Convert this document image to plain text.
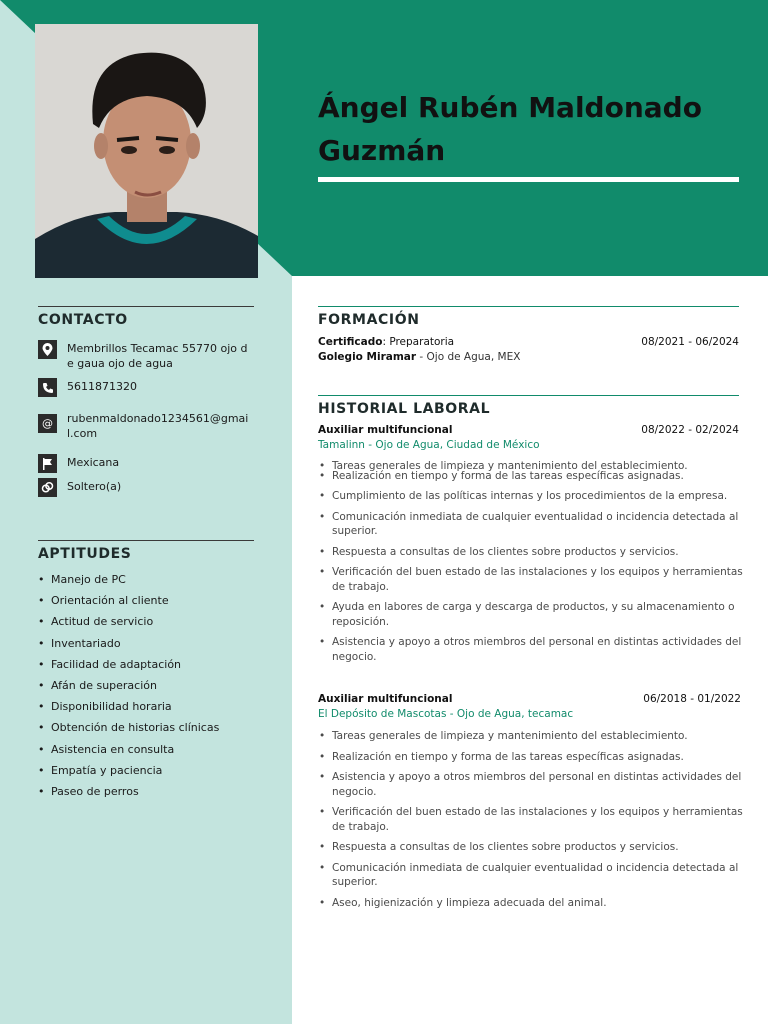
Ángel Rubén Maldonado Guzmán
CONTACTO
Membrillos Tecamac 55770 ojo de gaua ojo de agua
5611871320
@	rubenmaldonado1234561@gmail.com
Mexicana
Soltero(a)
APTITUDES
• Manejo de PC
• Orientación al cliente
• Actitud de servicio
• Inventariado
• Facilidad de adaptación
• Afán de superación
• Disponibilidad horaria
• Obtención de historias clínicas
• Asistencia en consulta
• Empatía y paciencia
• Paseo de perros
FORMACIÓN
Certificado: Preparatoria	08/2021 - 06/2024
Golegio Miramar - Ojo de Agua, MEX
HISTORIAL LABORAL
Auxiliar multifuncional	08/2022 - 02/2024
Tamalinn - Ojo de Agua, Ciudad de México
• Tareas generales de limpieza y mantenimiento del establecimiento.
• Realización en tiempo y forma de las tareas específicas asignadas.
• Cumplimiento de las políticas internas y los procedimientos de la empresa.
• Comunicación inmediata de cualquier eventualidad o incidencia detectada al superior.
• Respuesta a consultas de los clientes sobre productos y servicios.
• Verificación del buen estado de las instalaciones y los equipos y herramientas de trabajo.
• Ayuda en labores de carga y descarga de productos, y su almacenamiento o reposición.
• Asistencia y apoyo a otros miembros del personal en distintas actividades del negocio.
Auxiliar multifuncional	06/2018 - 01/2022
El Depósito de Mascotas - Ojo de Agua, tecamac
• Tareas generales de limpieza y mantenimiento del establecimiento.
• Realización en tiempo y forma de las tareas específicas asignadas.
• Asistencia y apoyo a otros miembros del personal en distintas actividades del negocio.
• Verificación del buen estado de las instalaciones y los equipos y herramientas de trabajo.
• Respuesta a consultas de los clientes sobre productos y servicios.
• Comunicación inmediata de cualquier eventualidad o incidencia detectada al superior.
• Aseo, higienización y limpieza adecuada del animal.
